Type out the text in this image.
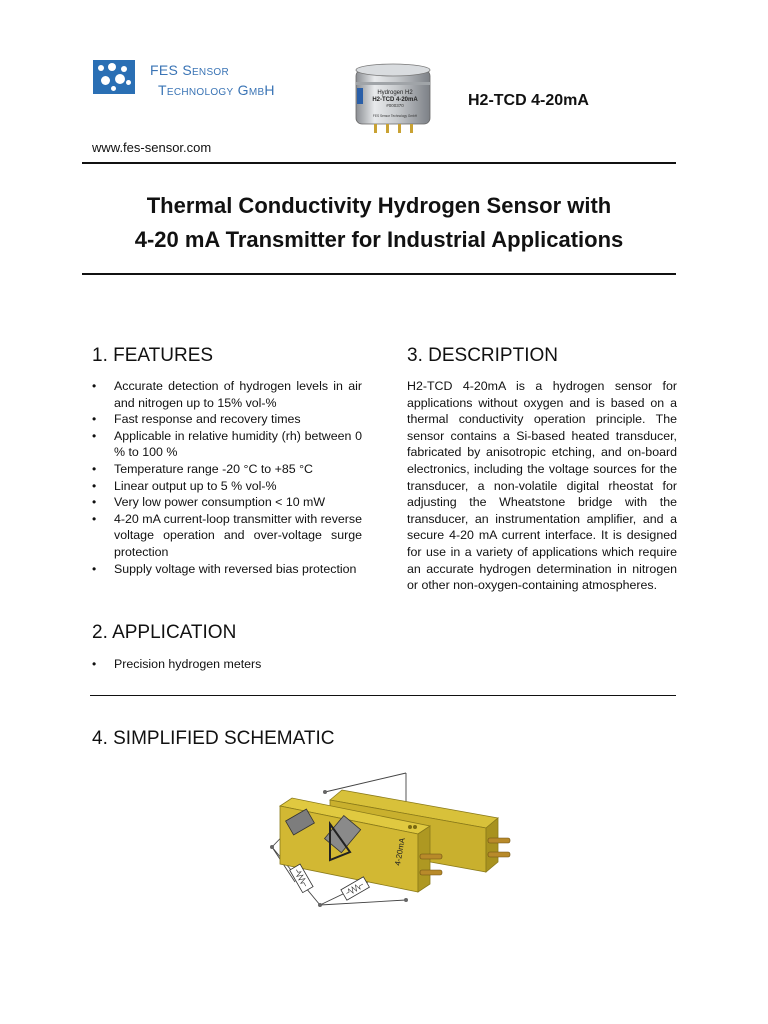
FES Sensor
Technology GmbH	Hydrogen H2
H2-TCD 4-20mA
#000370
FES Sensor Technology GmbH
H2-TCD 4-20mA
www.fes-sensor.com
Thermal Conductivity Hydrogen Sensor with
4-20 mA Transmitter for Industrial Applications
1. FEATURES
• Accurate detection of hydrogen levels in air and nitrogen up to 15% vol-%
• Fast response and recovery times
• Applicable in relative humidity (rh) between 0 % to 100 %
• Temperature range -20 °C to +85 °C
• Linear output up to 5 % vol-%
• Very low power consumption < 10 mW
• 4-20 mA current-loop transmitter with reverse voltage operation and over-voltage surge protection
• Supply voltage with reversed bias protection
2. APPLICATION
• Precision hydrogen meters
3. DESCRIPTION
H2-TCD 4-20mA is a hydrogen sensor for applications without oxygen and is based on a thermal conductivity operation principle. The sensor contains a Si-based heated transducer, fabricated by anisotropic etching, and on-board electronics, including the voltage sources for the transducer, a non-volatile digital rheostat for adjusting the Wheatstone bridge with the transducer, an instrumentation amplifier, and a secure 4-20 mA current interface. It is designed for use in a variety of applications which require an accurate hydrogen determination in nitrogen or other non-oxygen-containing atmospheres.
4. SIMPLIFIED SCHEMATIC
4-20mA
